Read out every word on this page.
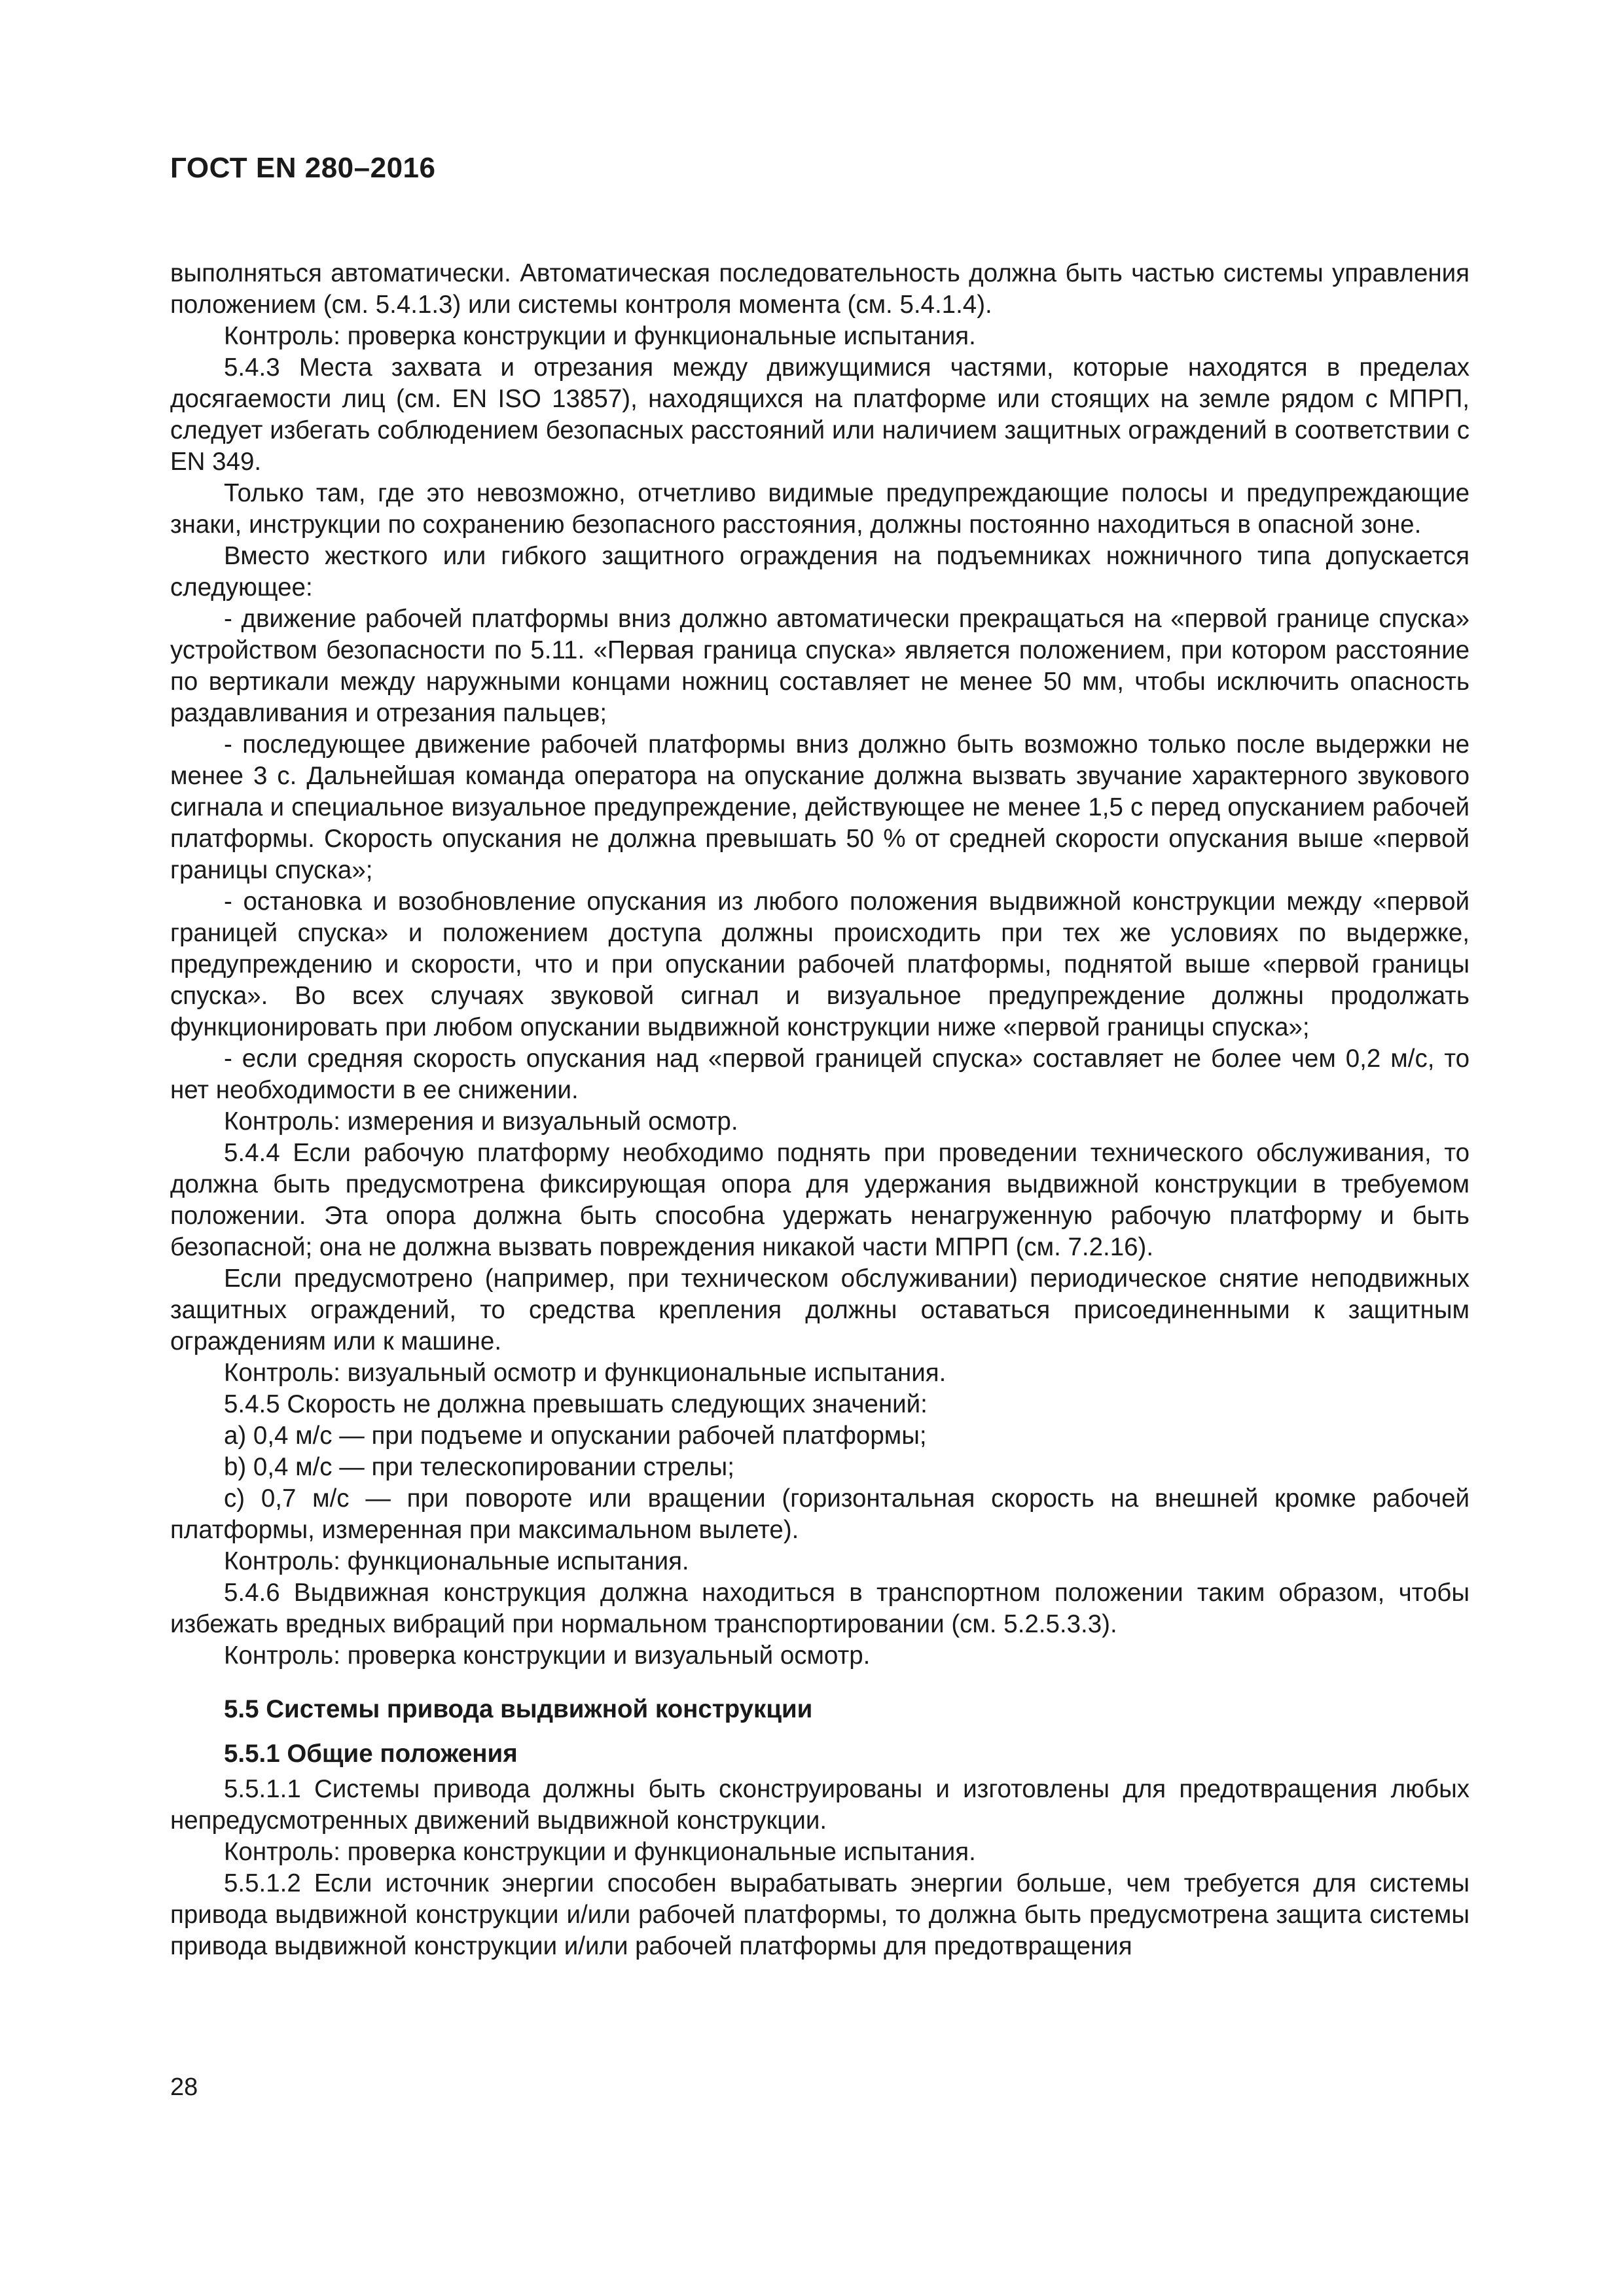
ГОСТ EN 280–2016

выполняться автоматически. Автоматическая последовательность должна быть частью системы управления положением (см. 5.4.1.3) или системы контроля момента (см. 5.4.1.4).

Контроль: проверка конструкции и функциональные испытания.

5.4.3 Места захвата и отрезания между движущимися частями, которые находятся в пределах досягаемости лиц (см. EN ISO 13857), находящихся на платформе или стоящих на земле рядом с МПРП, следует избегать соблюдением безопасных расстояний или наличием защитных ограждений в соответствии с EN 349.

Только там, где это невозможно, отчетливо видимые предупреждающие полосы и предупреждающие знаки, инструкции по сохранению безопасного расстояния, должны постоянно находиться в опасной зоне.

Вместо жесткого или гибкого защитного ограждения на подъемниках ножничного типа допускается следующее:

- движение рабочей платформы вниз должно автоматически прекращаться на «первой границе спуска» устройством безопасности по 5.11. «Первая граница спуска» является положением, при котором расстояние по вертикали между наружными концами ножниц составляет не менее 50 мм, чтобы исключить опасность раздавливания и отрезания пальцев;

- последующее движение рабочей платформы вниз должно быть возможно только после выдержки не менее 3 с. Дальнейшая команда оператора на опускание должна вызвать звучание характерного звукового сигнала и специальное визуальное предупреждение, действующее не менее 1,5 с перед опусканием рабочей платформы. Скорость опускания не должна превышать 50 % от средней скорости опускания выше «первой границы спуска»;

- остановка и возобновление опускания из любого положения выдвижной конструкции между «первой границей спуска» и положением доступа должны происходить при тех же условиях по выдержке, предупреждению и скорости, что и при опускании рабочей платформы, поднятой выше «первой границы спуска». Во всех случаях звуковой сигнал и визуальное предупреждение должны продолжать функционировать при любом опускании выдвижной конструкции ниже «первой границы спуска»;

- если средняя скорость опускания над «первой границей спуска» составляет не более чем 0,2 м/с, то нет необходимости в ее снижении.

Контроль: измерения и визуальный осмотр.

5.4.4 Если рабочую платформу необходимо поднять при проведении технического обслуживания, то должна быть предусмотрена фиксирующая опора для удержания выдвижной конструкции в требуемом положении. Эта опора должна быть способна удержать ненагруженную рабочую платформу и быть безопасной; она не должна вызвать повреждения никакой части МПРП (см. 7.2.16).

Если предусмотрено (например, при техническом обслуживании) периодическое снятие неподвижных защитных ограждений, то средства крепления должны оставаться присоединенными к защитным ограждениям или к машине.

Контроль: визуальный осмотр и функциональные испытания.

5.4.5 Скорость не должна превышать следующих значений:

a) 0,4 м/с — при подъеме и опускании рабочей платформы;

b) 0,4 м/с — при телескопировании стрелы;

c) 0,7 м/с — при повороте или вращении (горизонтальная скорость на внешней кромке рабочей платформы, измеренная при максимальном вылете).

Контроль: функциональные испытания.

5.4.6 Выдвижная конструкция должна находиться в транспортном положении таким образом, чтобы избежать вредных вибраций при нормальном транспортировании (см. 5.2.5.3.3).

Контроль: проверка конструкции и визуальный осмотр.

5.5 Системы привода выдвижной конструкции
5.5.1 Общие положения

5.5.1.1 Системы привода должны быть сконструированы и изготовлены для предотвращения любых непредусмотренных движений выдвижной конструкции.

Контроль: проверка конструкции и функциональные испытания.

5.5.1.2 Если источник энергии способен вырабатывать энергии больше, чем требуется для системы привода выдвижной конструкции и/или рабочей платформы, то должна быть предусмотрена защита системы привода выдвижной конструкции и/или рабочей платформы для предотвращения

28
